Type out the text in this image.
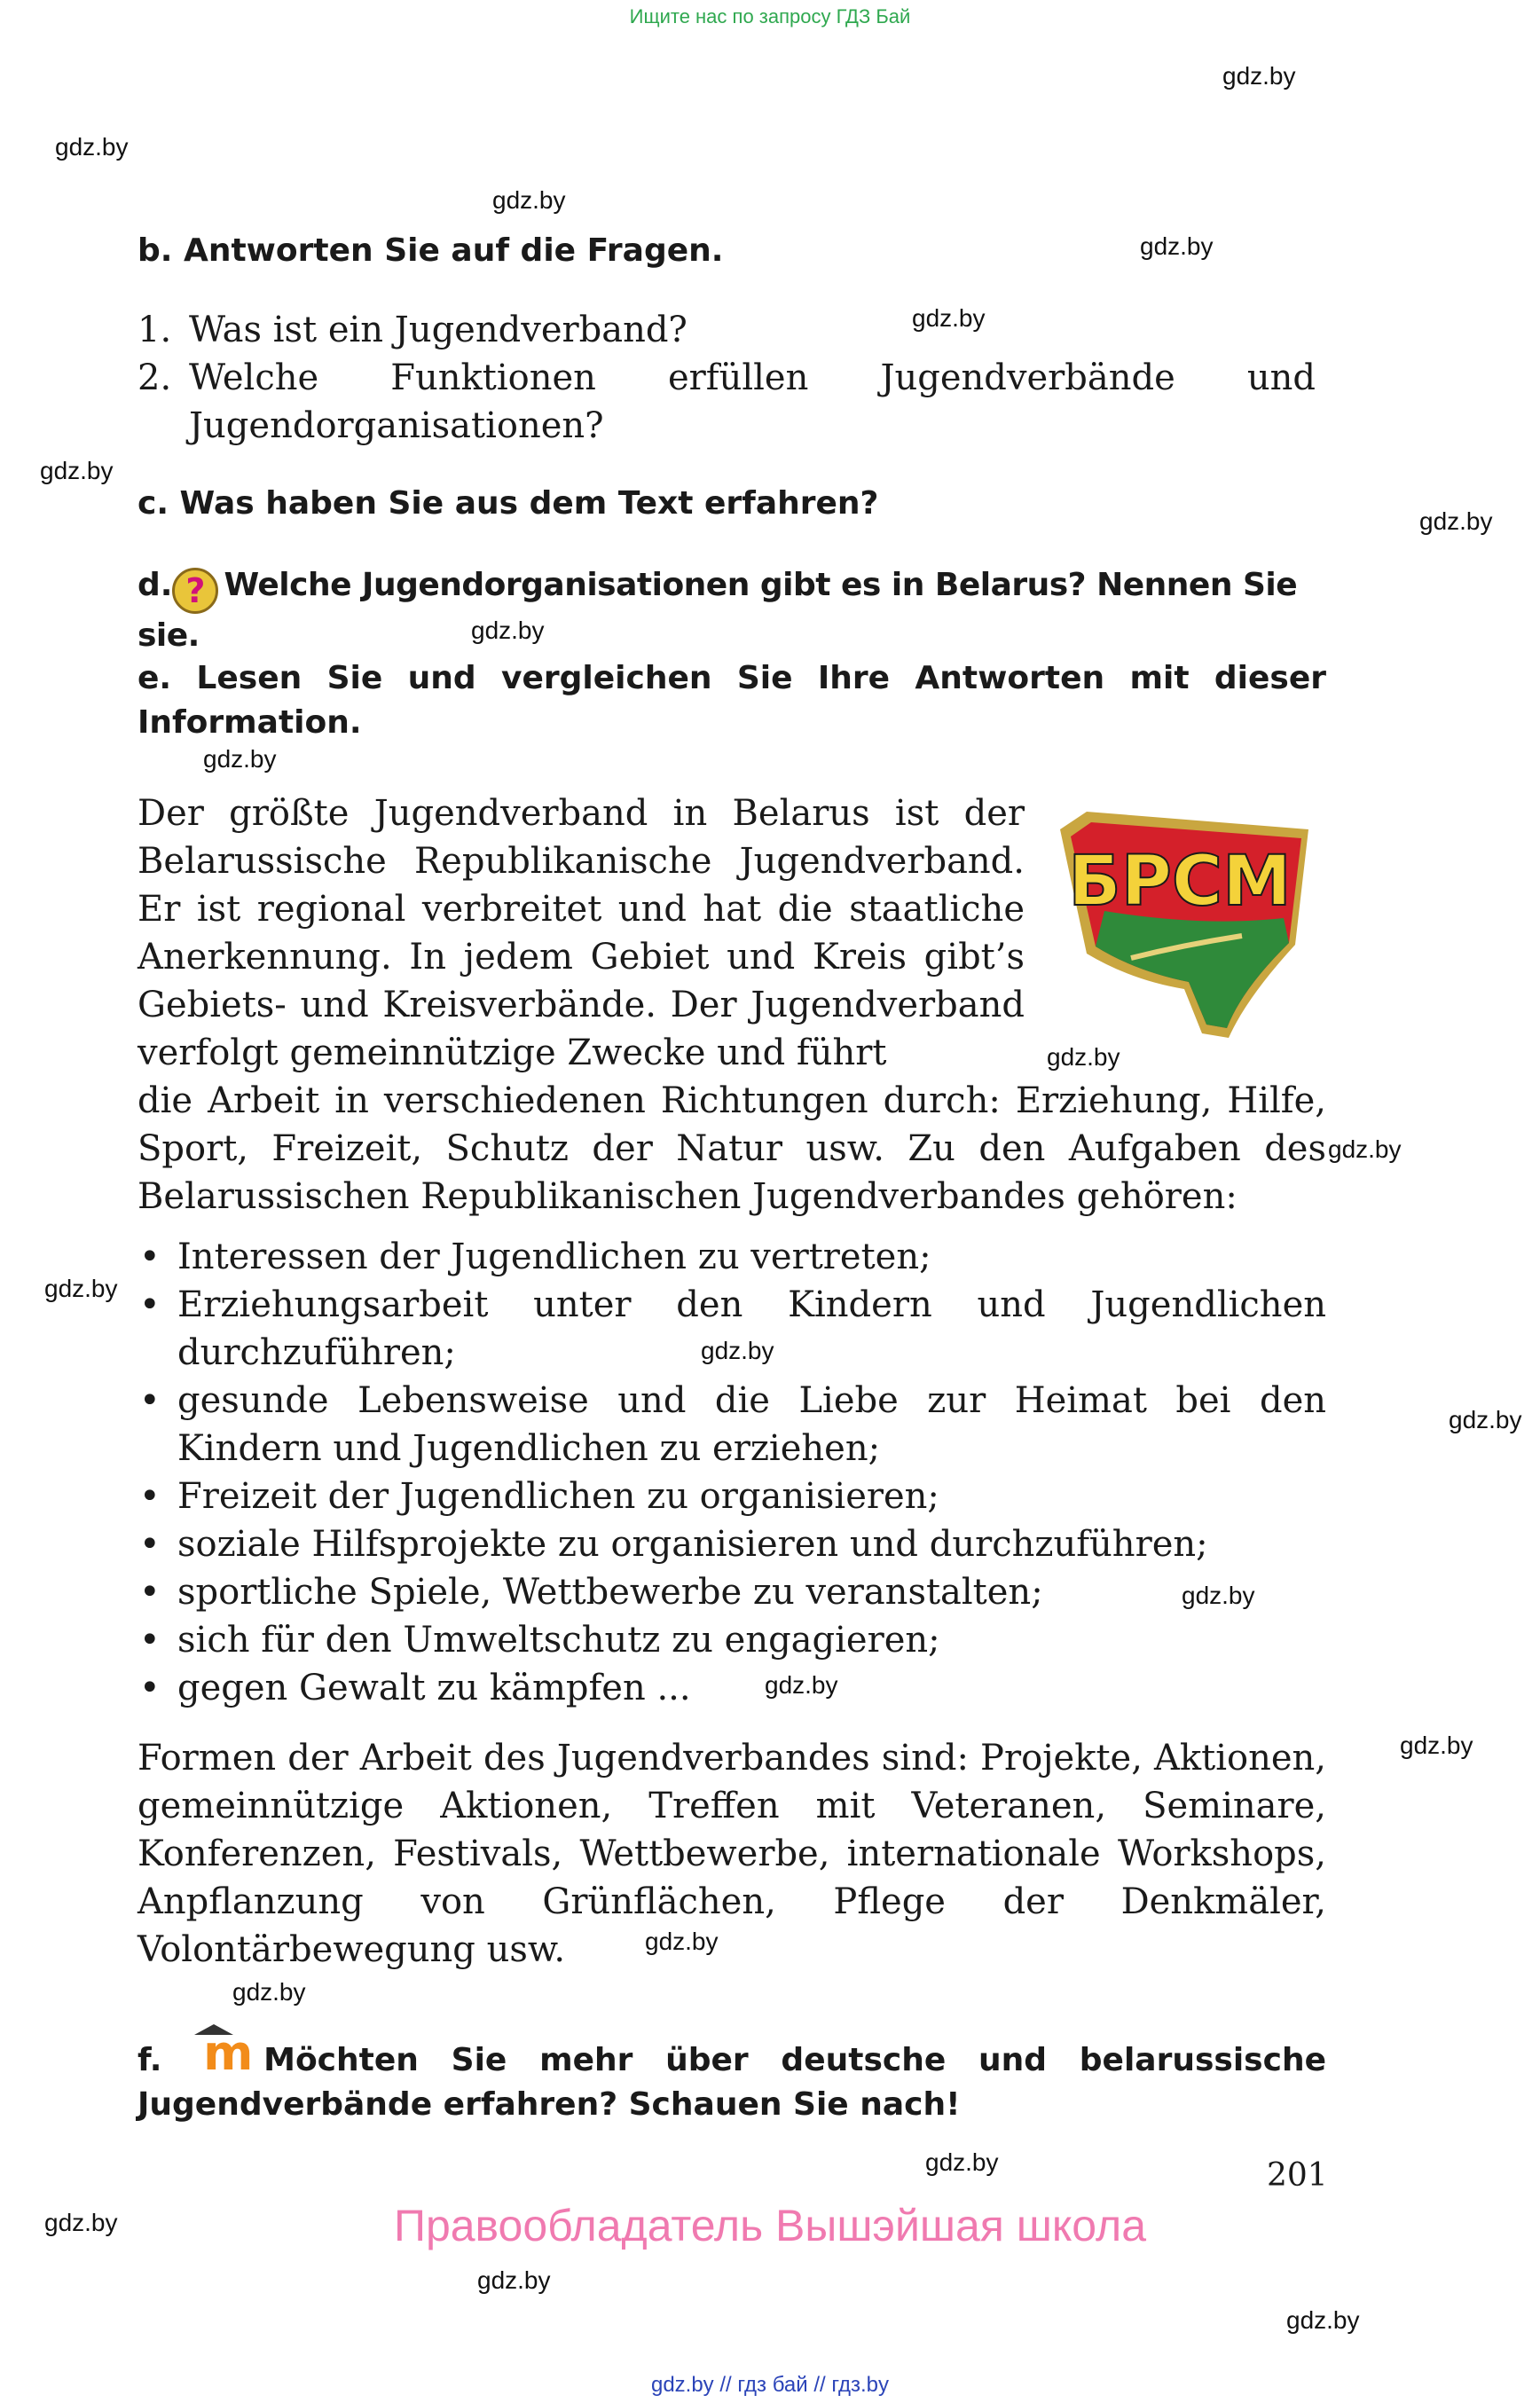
Ищите нас по запросу ГДЗ Бай
gdz.by
gdz.by
gdz.by
gdz.by
gdz.by
gdz.by
gdz.by
gdz.by
gdz.by
gdz.by
gdz.by
gdz.by
gdz.by
gdz.by
gdz.by
gdz.by
gdz.by
gdz.by
gdz.by
gdz.by
gdz.by
gdz.by
gdz.by
b. Antworten Sie auf die Fragen.
1. Was ist ein Jugendverband?
2. Welche Funktionen erfüllen Jugendverbände und Jugendorganisationen?
c. Was haben Sie aus dem Text erfahren?
d. ? Welche Jugendorganisationen gibt es in Belarus? Nennen Sie sie.
e. Lesen Sie und vergleichen Sie Ihre Antworten mit dieser Information.
Der größte Jugendverband in Belarus ist der Belarussische Republikanische Jugendverband. Er ist regional verbreitet und hat die staatliche Anerkennung. In jedem Gebiet und Kreis gibt’s Gebiets- und Kreisverbände. Der Jugendverband verfolgt gemeinnützige Zwecke und führt
БРСМ
die Arbeit in verschiedenen Richtungen durch: Erziehung, Hilfe, Sport, Freizeit, Schutz der Natur usw. Zu den Aufgaben des Belarussischen Republikanischen Jugendverbandes gehören:
• Interessen der Jugendlichen zu vertreten;
• Erziehungsarbeit unter den Kindern und Jugendlichen durchzuführen;
• gesunde Lebensweise und die Liebe zur Heimat bei den Kindern und Jugendlichen zu erziehen;
• Freizeit der Jugendlichen zu organisieren;
• soziale Hilfsprojekte zu organisieren und durchzuführen;
• sportliche Spiele, Wettbewerbe zu veranstalten;
• sich für den Umweltschutz zu engagieren;
• gegen Gewalt zu kämpfen ...
Formen der Arbeit des Jugendverbandes sind: Projekte, Aktionen, gemeinnützige Aktionen, Treffen mit Veteranen, Seminare, Konferenzen, Festivals, Wettbewerbe, internationale Workshops, Anpflanzung von Grünflächen, Pflege der Denkmäler, Volontärbewegung usw.
f. m Möchten Sie mehr über deutsche und belarussische Jugendverbände erfahren? Schauen Sie nach!
201
Правообладатель Вышэйшая школа
gdz.by // гдз бай // гдз.by
